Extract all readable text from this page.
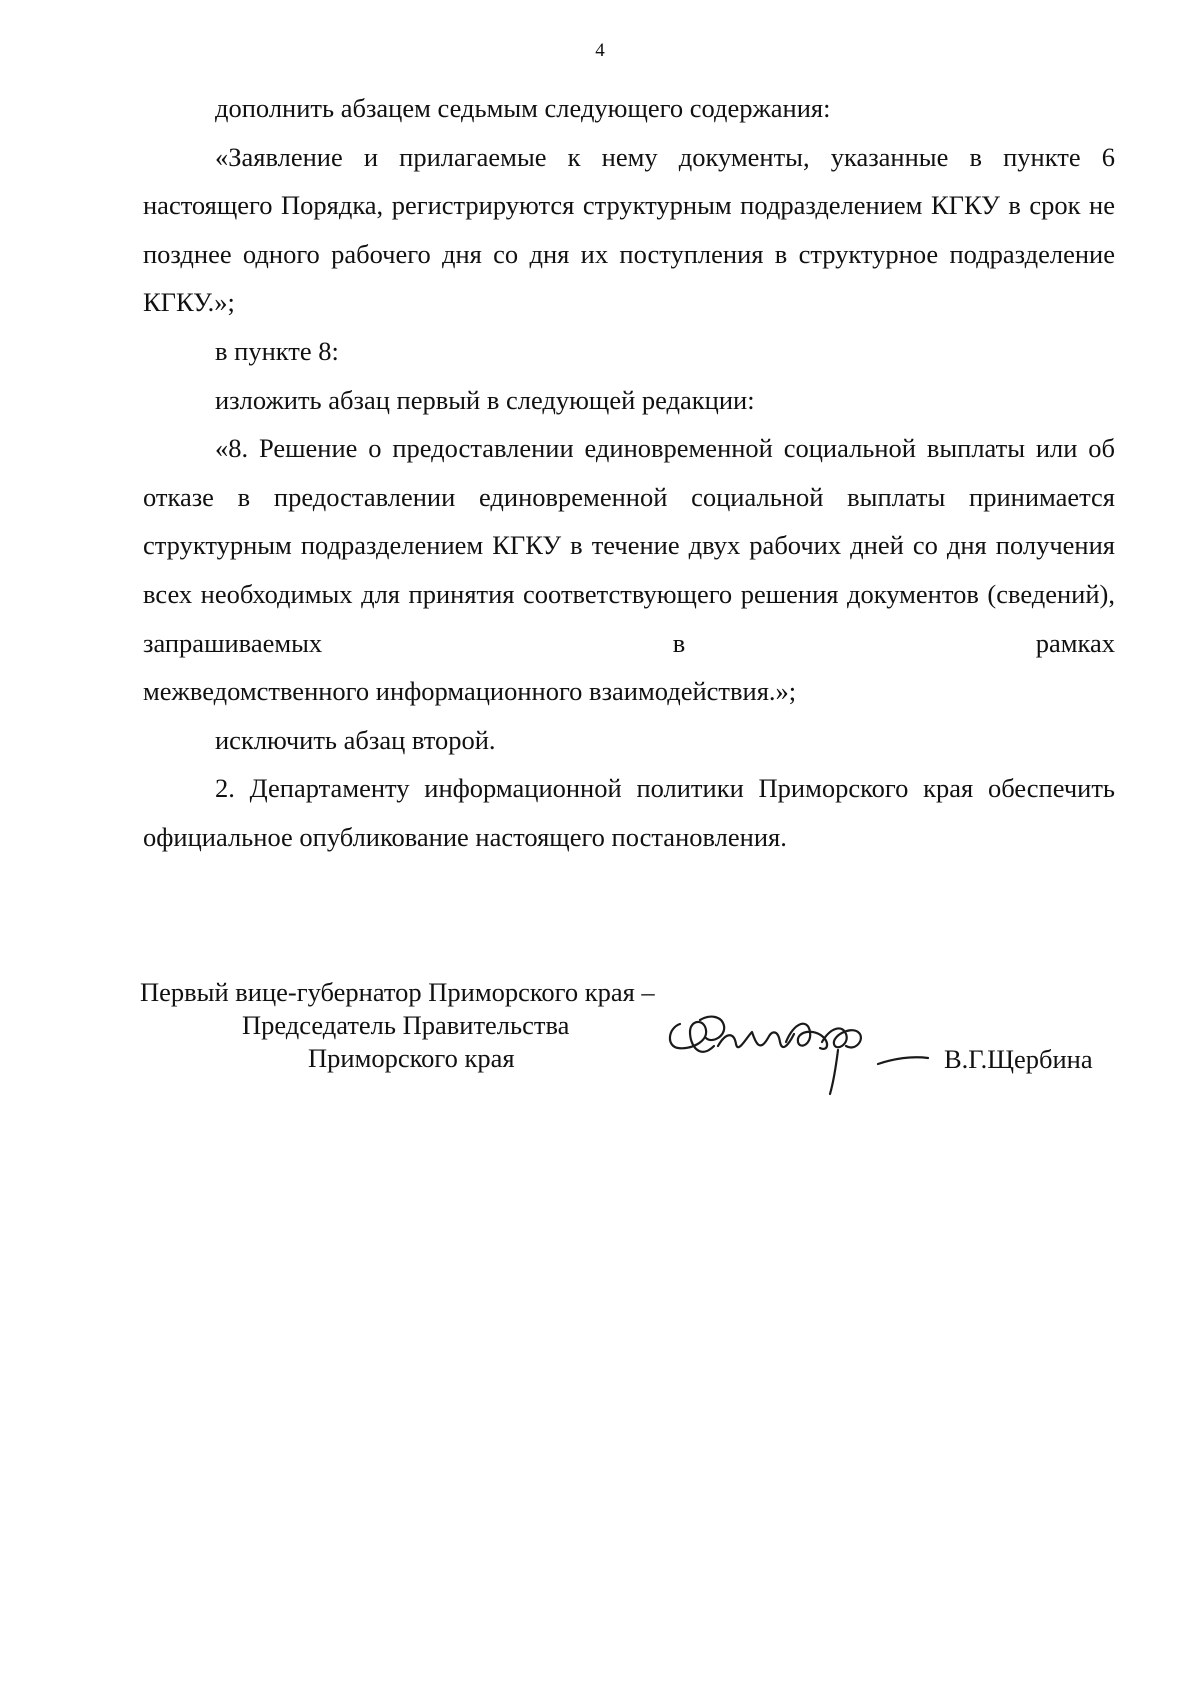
4

дополнить абзацем седьмым следующего содержания:

«Заявление и прилагаемые к нему документы, указанные в пункте 6 настоящего Порядка, регистрируются структурным подразделением КГКУ в срок не позднее одного рабочего дня со дня их поступления в структурное подразделение КГКУ.»;

в пункте 8:

изложить абзац первый в следующей редакции:

«8. Решение о предоставлении единовременной социальной выплаты или об отказе в предоставлении единовременной социальной выплаты принимается структурным подразделением КГКУ в течение двух рабочих дней со дня получения всех необходимых для принятия соответствующего решения документов (сведений), запрашиваемых в рамках

межведомственного информационного взаимодействия.»;

исключить абзац второй.

2. Департаменту информационной политики Приморского края обеспечить официальное опубликование настоящего постановления.

Первый вице-губернатор Приморского края –
Председатель Правительства
Приморского края	В.Г.Щербина
